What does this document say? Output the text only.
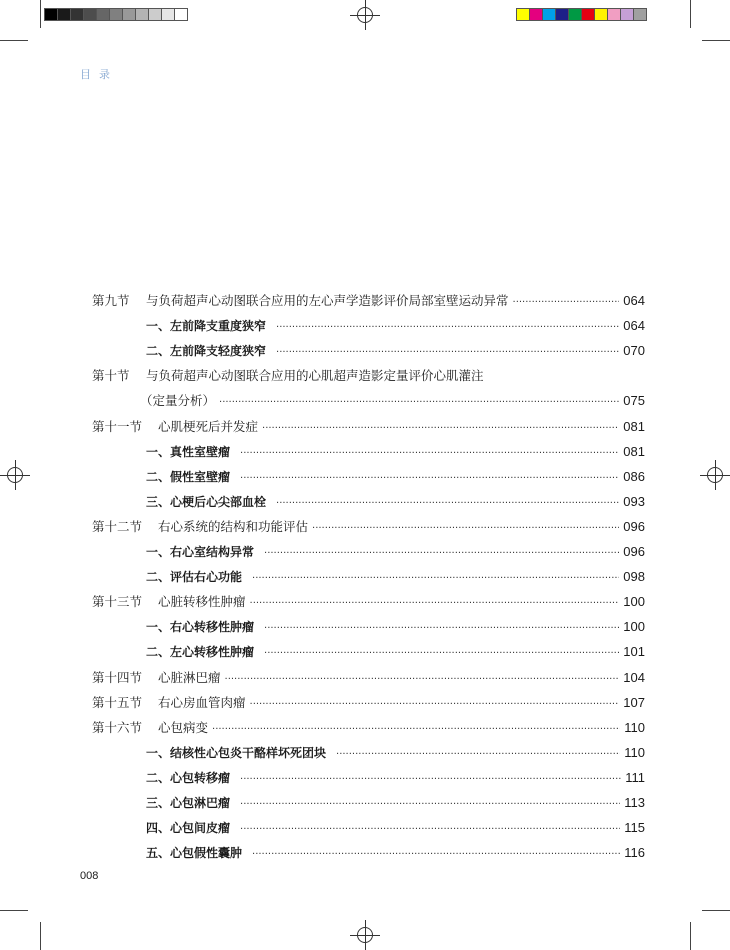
目录
第九节 与负荷超声心动图联合应用的左心声学造影评价局部室壁运动异常 ·····	064
一、左前降支重度狭窄 ·····	064
二、左前降支轻度狭窄 ·····	070
第十节 与负荷超声心动图联合应用的心肌超声造影定量评价心肌灌注
（定量分析） ·····	075
第十一节 心肌梗死后并发症 ·····	081
一、真性室壁瘤 ·····	081
二、假性室壁瘤 ·····	086
三、心梗后心尖部血栓 ·····	093
第十二节 右心系统的结构和功能评估 ·····	096
一、右心室结构异常 ·····	096
二、评估右心功能 ·····	098
第十三节 心脏转移性肿瘤 ·····	100
一、右心转移性肿瘤 ·····	100
二、左心转移性肿瘤 ·····	101
第十四节 心脏淋巴瘤 ·····	104
第十五节 右心房血管肉瘤 ·····	107
第十六节 心包病变 ·····	110
一、结核性心包炎干酪样坏死团块 ·····	110
二、心包转移瘤 ·····	111
三、心包淋巴瘤 ·····	113
四、心包间皮瘤 ·····	115
五、心包假性囊肿 ·····	116
008
